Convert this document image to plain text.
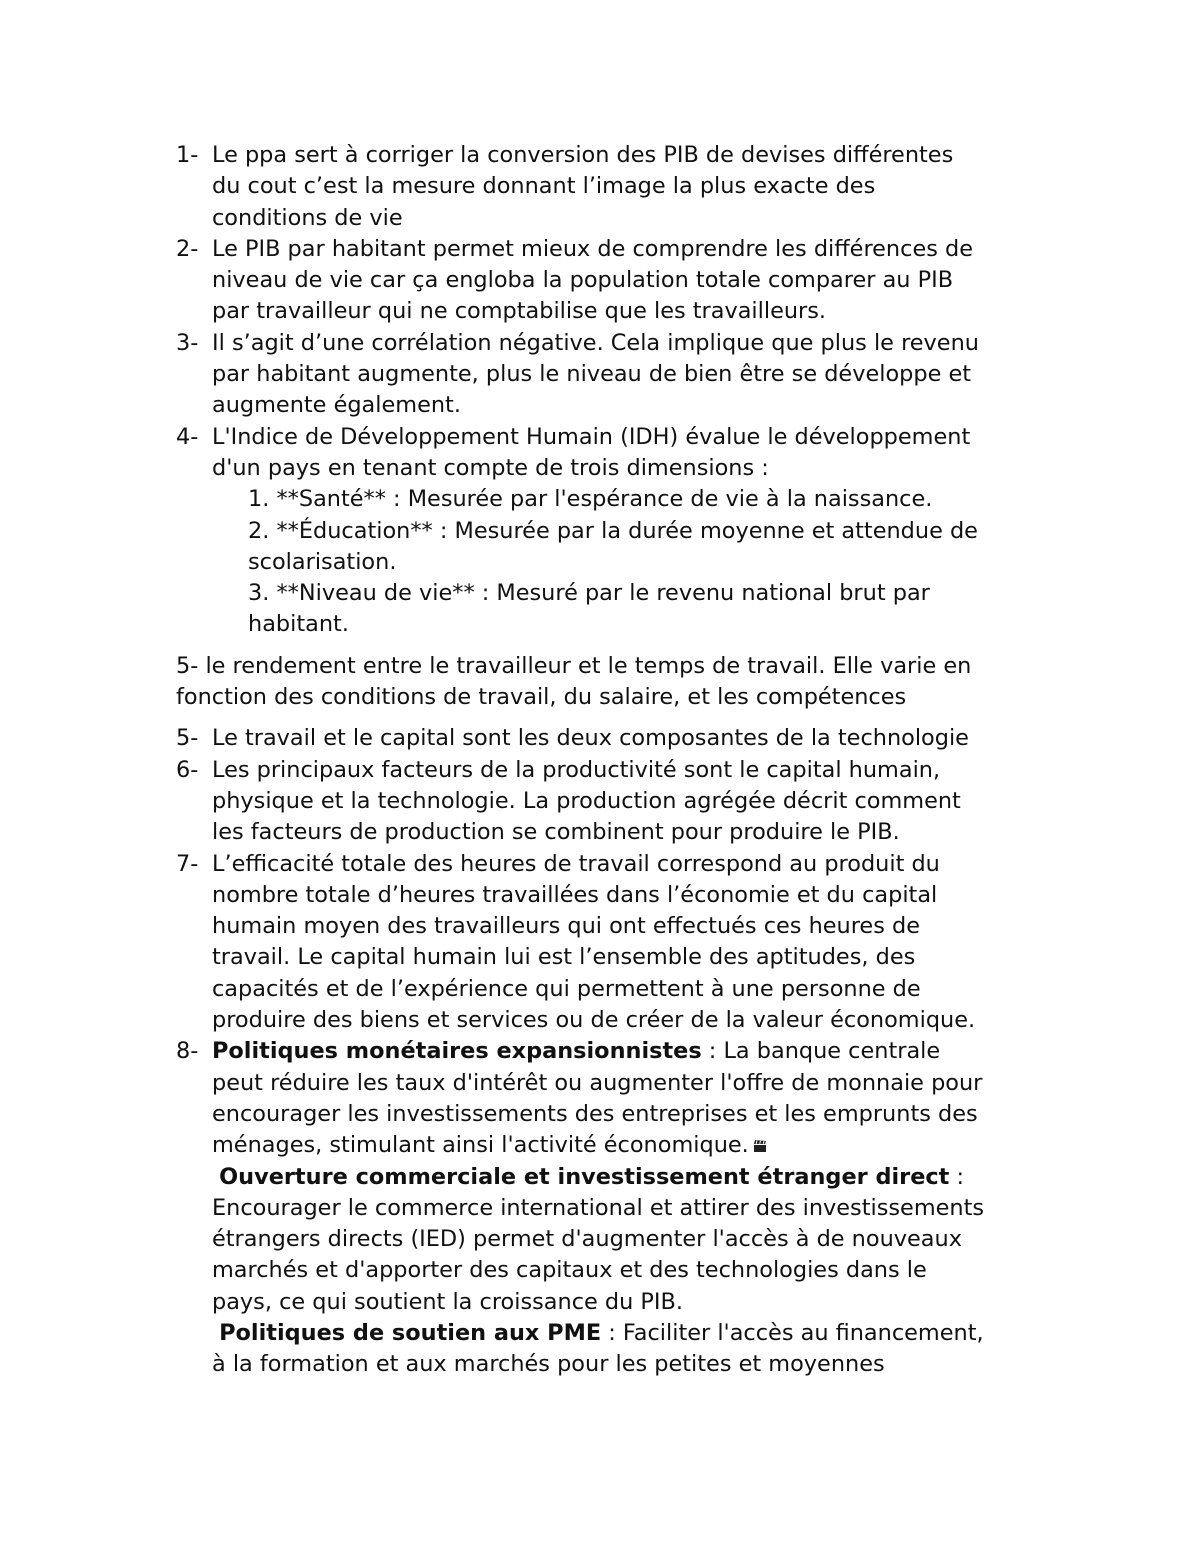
1- Le ppa sert à corriger la conversion des PIB de devises différentes
du cout c’est la mesure donnant l’image la plus exacte des
conditions de vie
2- Le PIB par habitant permet mieux de comprendre les différences de
niveau de vie car ça engloba la population totale comparer au PIB
par travailleur qui ne comptabilise que les travailleurs.
3- Il s’agit d’une corrélation négative. Cela implique que plus le revenu
par habitant augmente, plus le niveau de bien être se développe et
augmente également.
4- L'Indice de Développement Humain (IDH) évalue le développement
d'un pays en tenant compte de trois dimensions :
1. **Santé** : Mesurée par l'espérance de vie à la naissance.
2. **Éducation** : Mesurée par la durée moyenne et attendue de
scolarisation.
3. **Niveau de vie** : Mesuré par le revenu national brut par
habitant.
5- le rendement entre le travailleur et le temps de travail. Elle varie en
fonction des conditions de travail, du salaire, et les compétences
5- Le travail et le capital sont les deux composantes de la technologie
6- Les principaux facteurs de la productivité sont le capital humain,
physique et la technologie. La production agrégée décrit comment
les facteurs de production se combinent pour produire le PIB.
7- L’efficacité totale des heures de travail correspond au produit du
nombre totale d’heures travaillées dans l’économie et du capital
humain moyen des travailleurs qui ont effectués ces heures de
travail. Le capital humain lui est l’ensemble des aptitudes, des
capacités et de l’expérience qui permettent à une personne de
produire des biens et services ou de créer de la valeur économique.
8- Politiques monétaires expansionnistes : La banque centrale
peut réduire les taux d'intérêt ou augmenter l'offre de monnaie pour
encourager les investissements des entreprises et les emprunts des
ménages, stimulant ainsi l'activité économique.
Ouverture commerciale et investissement étranger direct :
Encourager le commerce international et attirer des investissements
étrangers directs (IED) permet d'augmenter l'accès à de nouveaux
marchés et d'apporter des capitaux et des technologies dans le
pays, ce qui soutient la croissance du PIB.
Politiques de soutien aux PME : Faciliter l'accès au financement,
à la formation et aux marchés pour les petites et moyennes
